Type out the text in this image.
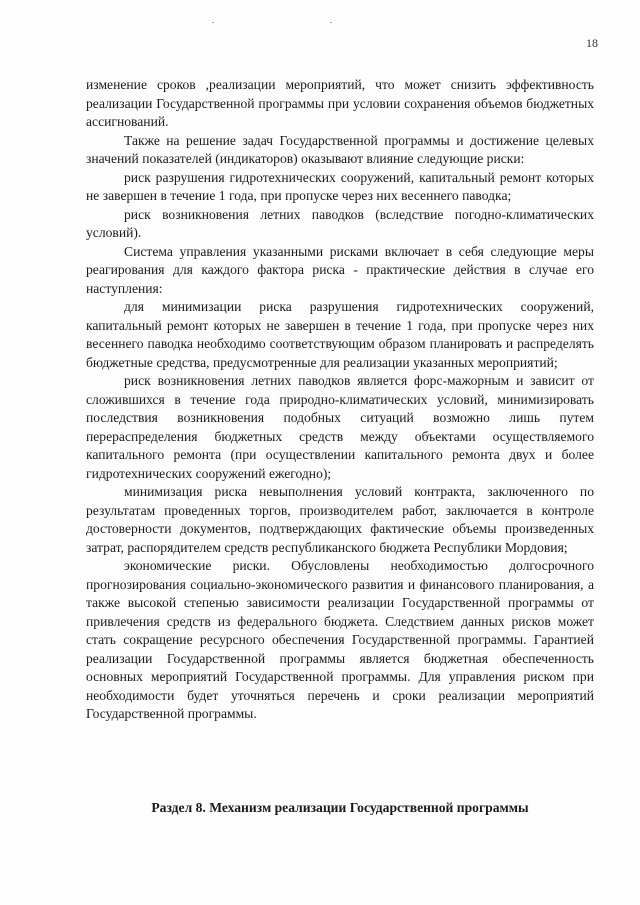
18

изменение сроков ,реализации мероприятий, что может снизить эффективность реализации Государственной программы при условии сохранения объемов бюджетных ассигнований.

Также на решение задач Государственной программы и достижение целевых значений показателей (индикаторов) оказывают влияние следующие риски:

риск разрушения гидротехнических сооружений, капитальный ремонт которых не завершен в течение 1 года, при пропуске через них весеннего паводка;

риск возникновения летних паводков (вследствие погодно-климатических условий).

Система управления указанными рисками включает в себя следующие меры реагирования для каждого фактора риска - практические действия в случае его наступления:

для минимизации риска разрушения гидротехнических сооружений, капитальный ремонт которых не завершен в течение 1 года, при пропуске через них весеннего паводка необходимо соответствующим образом планировать и распределять бюджетные средства, предусмотренные для реализации указанных мероприятий;

риск возникновения летних паводков является форс-мажорным и зависит от сложившихся в течение года природно-климатических условий, минимизировать последствия возникновения подобных ситуаций возможно лишь путем перераспределения бюджетных средств между объектами осуществляемого капитального ремонта (при осуществлении капитального ремонта двух и более гидротехнических сооружений ежегодно);

минимизация риска невыполнения условий контракта, заключенного по результатам проведенных торгов, производителем работ, заключается в контроле достоверности документов, подтверждающих фактические объемы произведенных затрат, распорядителем средств республиканского бюджета Республики Мордовия;

экономические риски. Обусловлены необходимостью долгосрочного прогнозирования социально-экономического развития и финансового планирования, а также высокой степенью зависимости реализации Государственной программы от привлечения средств из федерального бюджета. Следствием данных рисков может стать сокращение ресурсного обеспечения Государственной программы. Гарантией реализации Государственной программы является бюджетная обеспеченность основных мероприятий Государственной программы. Для управления риском при необходимости будет уточняться перечень и сроки реализации мероприятий Государственной программы.

Раздел 8. Механизм реализации Государственной программы
